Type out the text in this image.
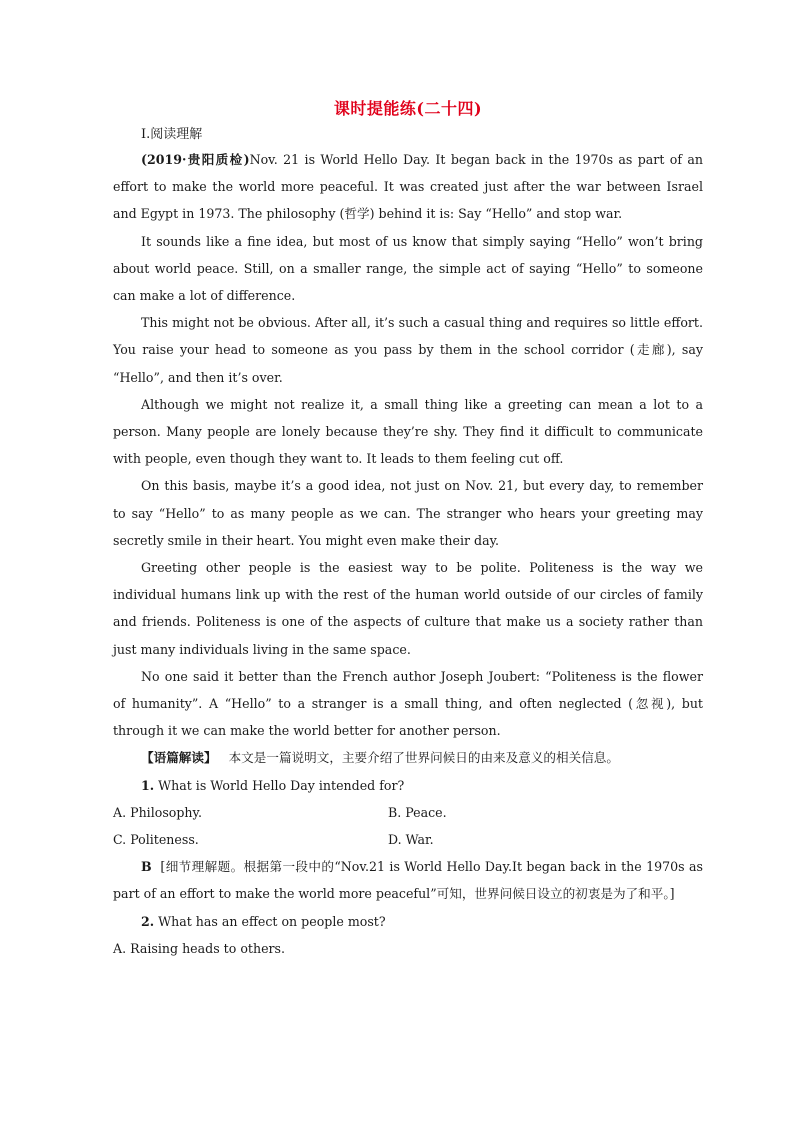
课时提能练(二十四)
Ⅰ.阅读理解

(2019·贵阳质检)Nov. 21 is World Hello Day. It began back in the 1970s as part of an effort to make the world more peaceful. It was created just after the war between Israel and Egypt in 1973. The philosophy (哲学) behind it is: Say “Hello” and stop war.

It sounds like a fine idea, but most of us know that simply saying “Hello” won’t bring about world peace. Still, on a smaller range, the simple act of saying “Hello” to someone can make a lot of difference.

This might not be obvious. After all, it’s such a casual thing and requires so little effort. You raise your head to someone as you pass by them in the school corridor (走廊), say “Hello”, and then it’s over.

Although we might not realize it, a small thing like a greeting can mean a lot to a person. Many people are lonely because they’re shy. They find it difficult to communicate with people, even though they want to. It leads to them feeling cut off.

On this basis, maybe it’s a good idea, not just on Nov. 21, but every day, to remember to say “Hello” to as many people as we can. The stranger who hears your greeting may secretly smile in their heart. You might even make their day.

Greeting other people is the easiest way to be polite. Politeness is the way we individual humans link up with the rest of the human world outside of our circles of family and friends. Politeness is one of the aspects of culture that make us a society rather than just many individuals living in the same space.

No one said it better than the French author Joseph Joubert: “Politeness is the flower of humanity”. A “Hello” to a stranger is a small thing, and often neglected (忽视), but through it we can make the world better for another person.

【语篇解读】 本文是一篇说明文，主要介绍了世界问候日的由来及意义的相关信息。

1. What is World Hello Day intended for?

A. Philosophy.	B. Peace.
C. Politeness.	D. War.

B [细节理解题。根据第一段中的“Nov.21 is World Hello Day.It began back in the 1970s as part of an effort to make the world more peaceful”可知，世界问候日设立的初衷是为了和平。]

2. What has an effect on people most?

A. Raising heads to others.
